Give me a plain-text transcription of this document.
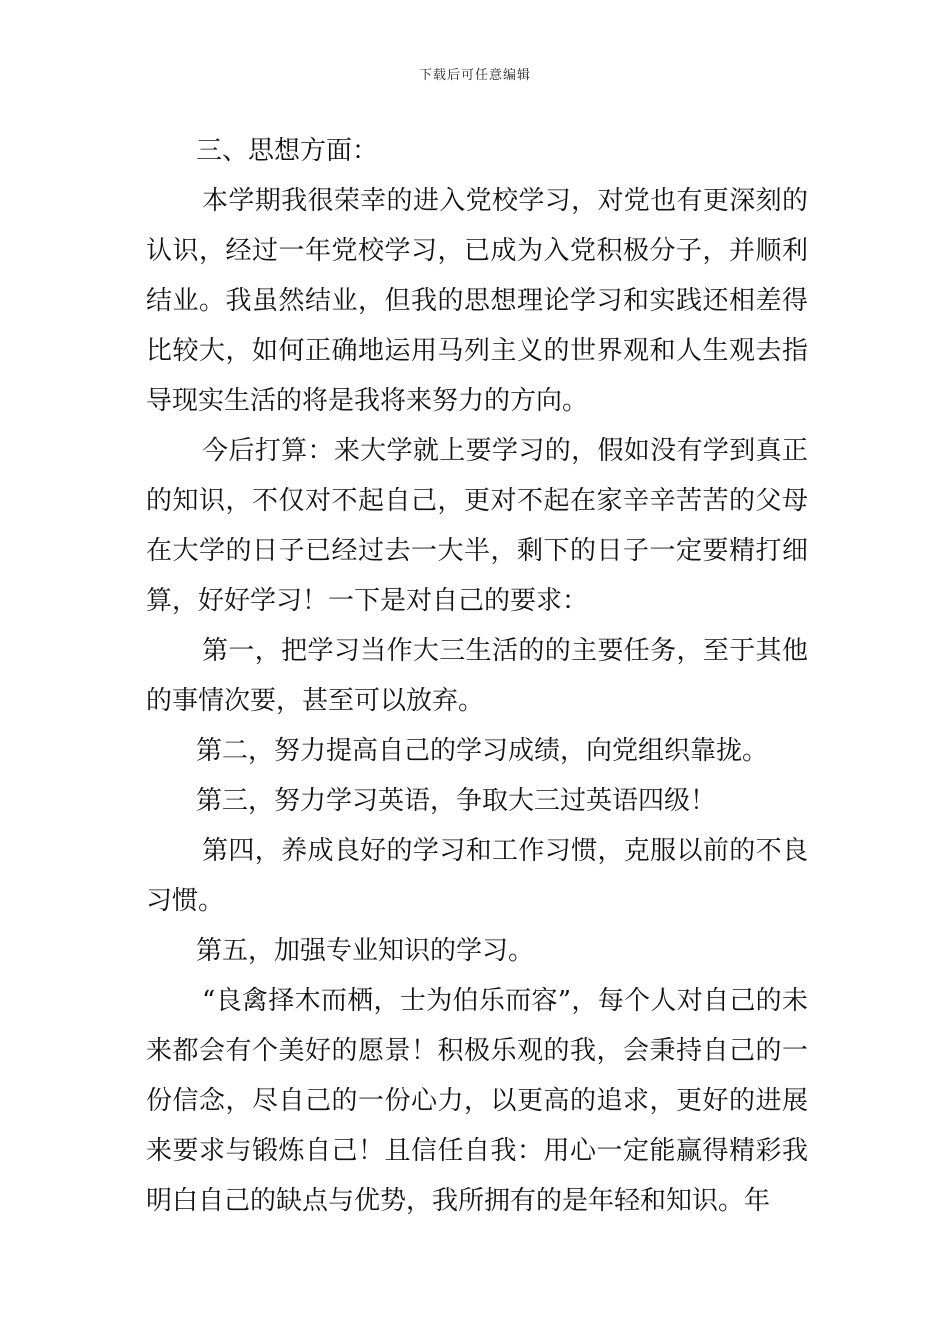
下载后可任意编辑

三、思想方面：

本学期我很荣幸的进入党校学习，对党也有更深刻的认识，经过一年党校学习，已成为入党积极分子，并顺利结业。我虽然结业，但我的思想理论学习和实践还相差得比较大，如何正确地运用马列主义的世界观和人生观去指导现实生活的将是我将来努力的方向。

今后打算：来大学就上要学习的，假如没有学到真正的知识，不仅对不起自己，更对不起在家辛辛苦苦的父母在大学的日子已经过去一大半，剩下的日子一定要精打细算，好好学习！一下是对自己的要求：

第一，把学习当作大三生活的的主要任务，至于其他的事情次要，甚至可以放弃。

第二，努力提高自己的学习成绩，向党组织靠拢。

第三，努力学习英语，争取大三过英语四级！

第四，养成良好的学习和工作习惯，克服以前的不良习惯。

第五，加强专业知识的学习。

“良禽择木而栖，士为伯乐而容”，每个人对自己的未来都会有个美好的愿景！积极乐观的我，会秉持自己的一份信念，尽自己的一份心力，以更高的追求，更好的进展来要求与锻炼自己！且信任自我：用心一定能赢得精彩我明白自己的缺点与优势，我所拥有的是年轻和知识。年
